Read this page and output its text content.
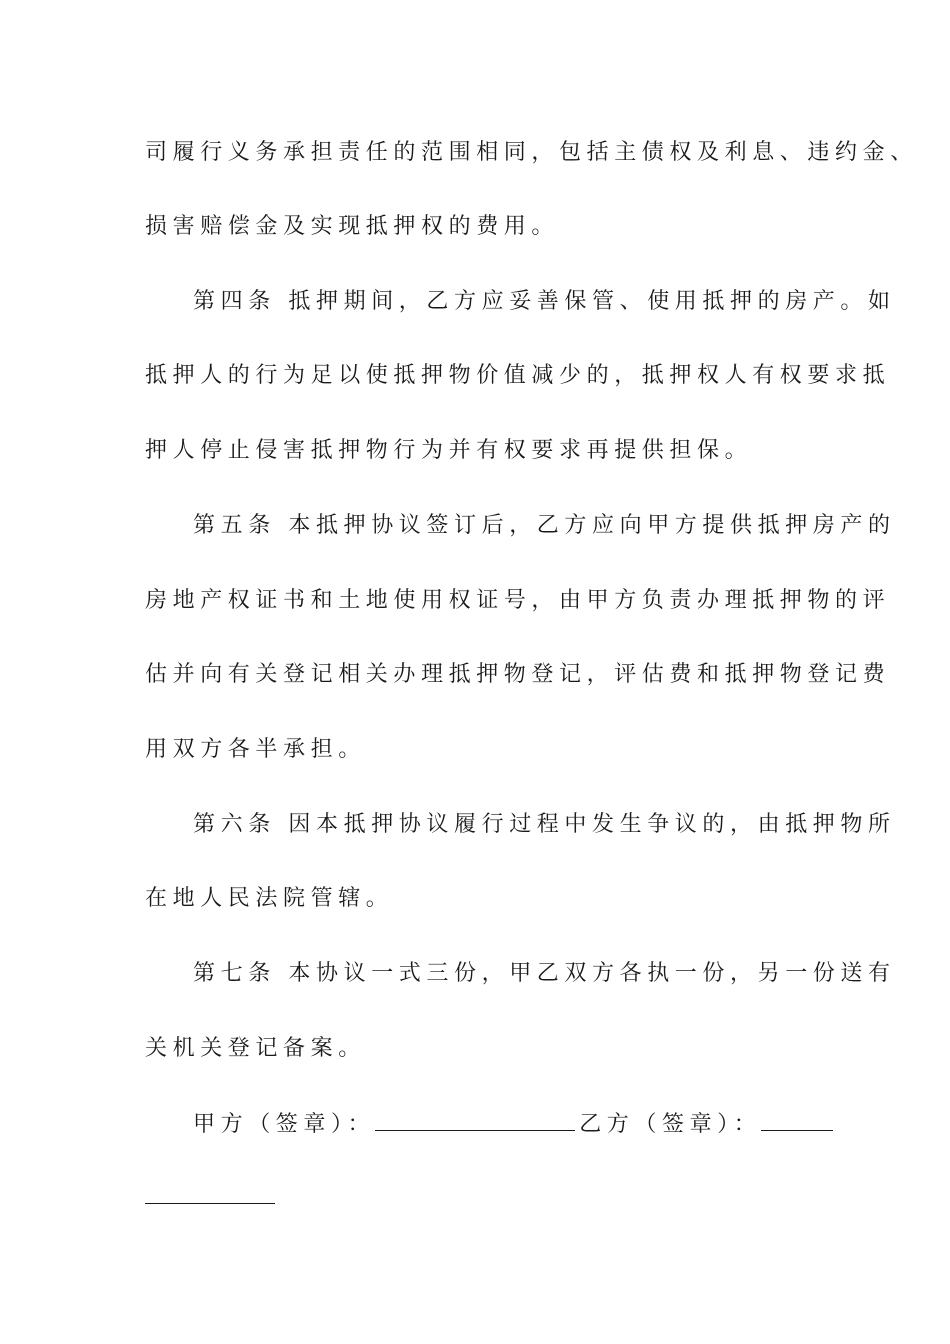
司履行义务承担责任的范围相同，包括主债权及利息、违约金、

损害赔偿金及实现抵押权的费用。

第四条 抵押期间，乙方应妥善保管、使用抵押的房产。如

抵押人的行为足以使抵押物价值减少的，抵押权人有权要求抵

押人停止侵害抵押物行为并有权要求再提供担保。

第五条 本抵押协议签订后，乙方应向甲方提供抵押房产的

房地产权证书和土地使用权证号，由甲方负责办理抵押物的评

估并向有关登记相关办理抵押物登记，评估费和抵押物登记费

用双方各半承担。

第六条 因本抵押协议履行过程中发生争议的，由抵押物所

在地人民法院管辖。

第七条 本协议一式三份，甲乙双方各执一份，另一份送有

关机关登记备案。

甲方（签章）：	乙方（签章）：
